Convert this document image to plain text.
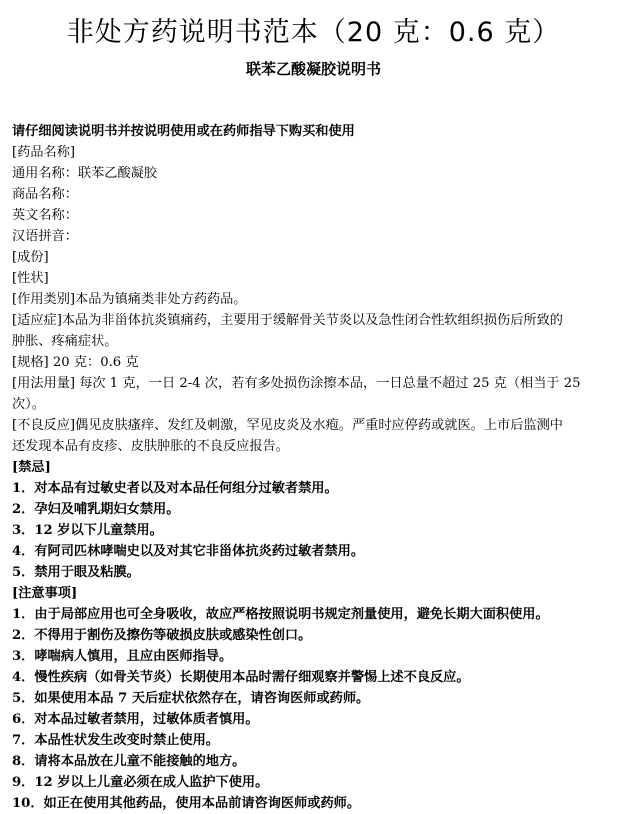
非处方药说明书范本（20 克：0.6 克）
联苯乙酸凝胶说明书
请仔细阅读说明书并按说明使用或在药师指导下购买和使用
[药品名称]
通用名称：联苯乙酸凝胶
商品名称：
英文名称：
汉语拼音：
[成份]
[性状]
[作用类别]本品为镇痛类非处方药药品。
[适应症]本品为非甾体抗炎镇痛药，主要用于缓解骨关节炎以及急性闭合性软组织损伤后所致的
肿胀、疼痛症状。
[规格] 20 克：0.6 克
[用法用量] 每次 1 克，一日 2-4 次，若有多处损伤涂擦本品，一日总量不超过 25 克（相当于 25
次）。
[不良反应]偶见皮肤瘙痒、发红及刺激，罕见皮炎及水疱。严重时应停药或就医。上市后监测中
还发现本品有皮疹、皮肤肿胀的不良反应报告。
[禁忌]
1．对本品有过敏史者以及对本品任何组分过敏者禁用。
2．孕妇及哺乳期妇女禁用。
3．12 岁以下儿童禁用。
4．有阿司匹林哮喘史以及对其它非甾体抗炎药过敏者禁用。
5．禁用于眼及粘膜。
[注意事项]
1．由于局部应用也可全身吸收，故应严格按照说明书规定剂量使用，避免长期大面积使用。
2．不得用于割伤及擦伤等破损皮肤或感染性创口。
3．哮喘病人慎用，且应由医师指导。
4．慢性疾病（如骨关节炎）长期使用本品时需仔细观察并警惕上述不良反应。
5．如果使用本品 7 天后症状依然存在，请咨询医师或药师。
6．对本品过敏者禁用，过敏体质者慎用。
7．本品性状发生改变时禁止使用。
8．请将本品放在儿童不能接触的地方。
9．12 岁以上儿童必须在成人监护下使用。
10．如正在使用其他药品，使用本品前请咨询医师或药师。
